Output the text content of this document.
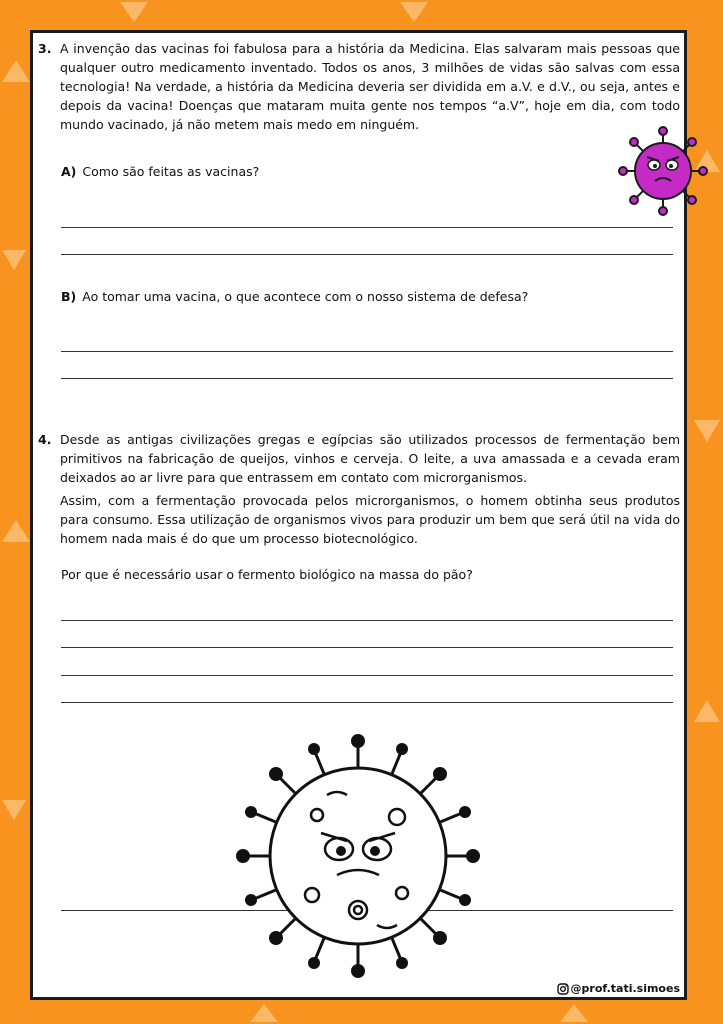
3. A invenção das vacinas foi fabulosa para a história da Medicina. Elas salvaram mais pessoas que qualquer outro medicamento inventado. Todos os anos, 3 milhões de vidas são salvas com essa tecnologia! Na verdade, a história da Medicina deveria ser dividida em a.V. e d.V., ou seja, antes e depois da vacina! Doenças que mataram muita gente nos tempos “a.V”, hoje em dia, com todo mundo vacinado, já não metem mais medo em ninguém.
A) Como são feitas as vacinas?
B) Ao tomar uma vacina, o que acontece com o nosso sistema de defesa?
4. Desde as antigas civilizações gregas e egípcias são utilizados processos de fermentação bem primitivos na fabricação de queijos, vinhos e cerveja. O leite, a uva amassada e a cevada eram deixados ao ar livre para que entrassem em contato com microrganismos.
Assim, com a fermentação provocada pelos microrganismos, o homem obtinha seus produtos para consumo. Essa utilização de organismos vivos para produzir um bem que será útil na vida do homem nada mais é do que um processo biotecnológico.
Por que é necessário usar o fermento biológico na massa do pão?
@prof.tati.simoes
